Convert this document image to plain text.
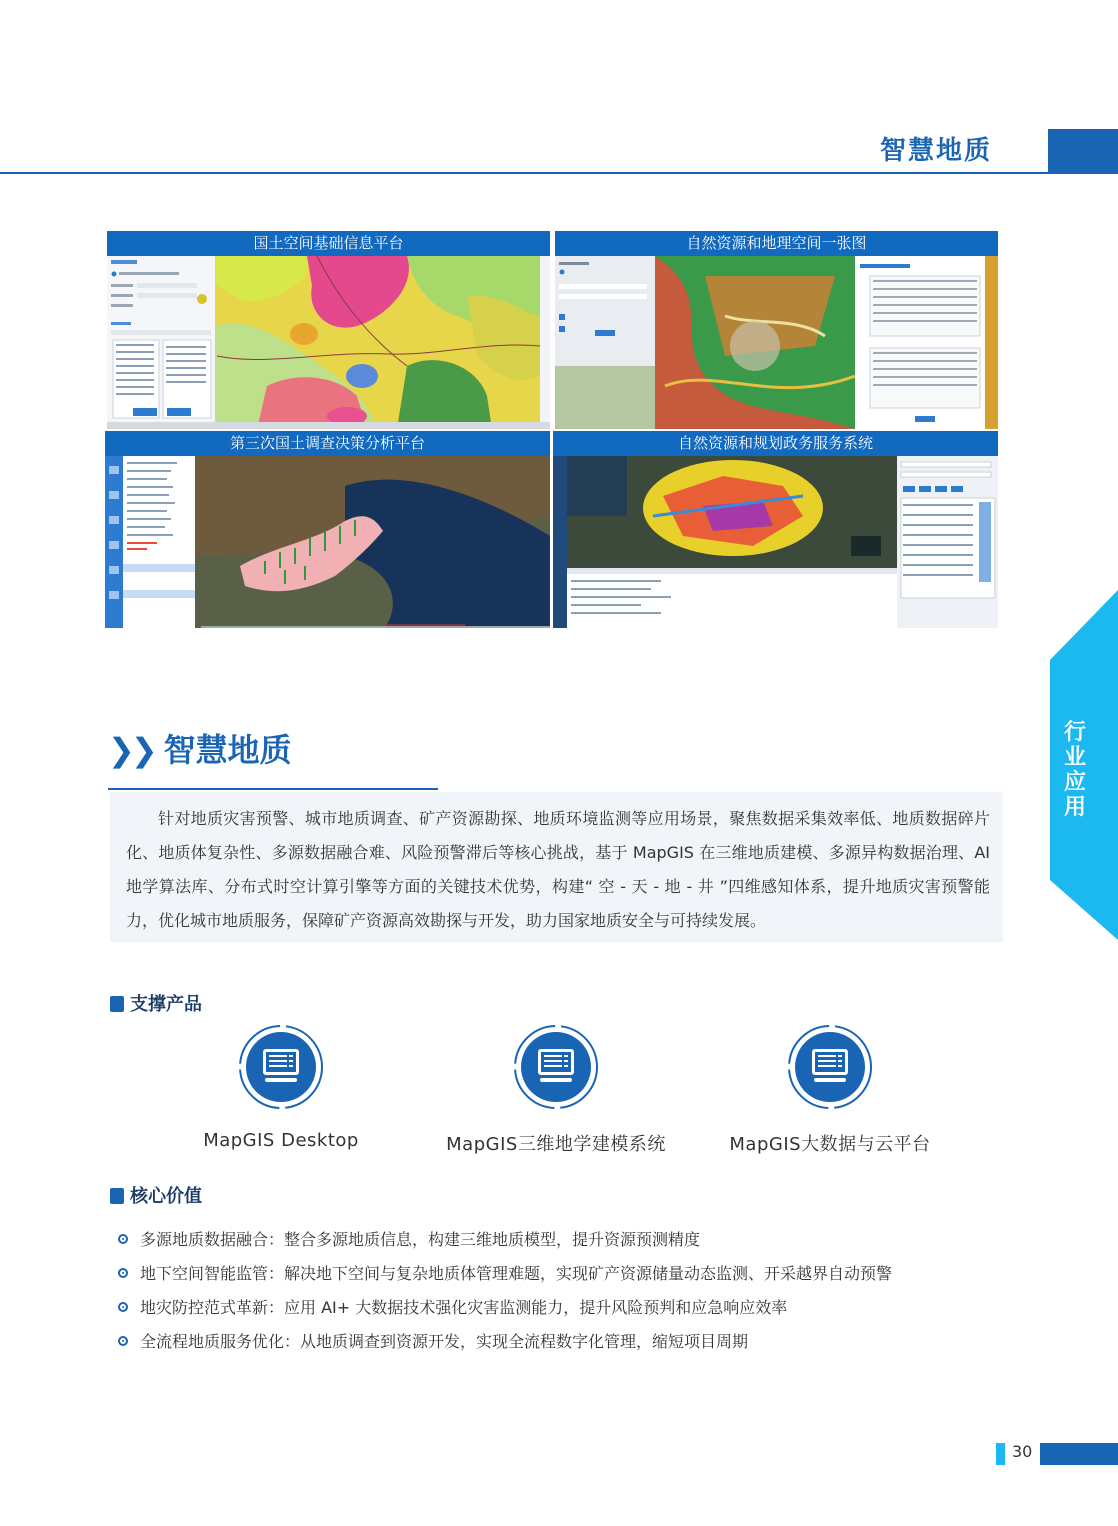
智慧地质
国土空间基础信息平台	自然资源和地理空间一张图
第三次国土调查决策分析平台	自然资源和规划政务服务系统
行业应用
❯❯ 智慧地质
针对地质灾害预警、城市地质调查、矿产资源勘探、地质环境监测等应用场景，聚焦数据采集效率低、地质数据碎片化、地质体复杂性、多源数据融合难、风险预警滞后等核心挑战，基于 MapGIS 在三维地质建模、多源异构数据治理、AI 地学算法库、分布式时空计算引擎等方面的关键技术优势，构建“ 空 - 天 - 地 - 井 ”四维感知体系，提升地质灾害预警能力，优化城市地质服务，保障矿产资源高效勘探与开发，助力国家地质安全与可持续发展。
支撑产品
MapGIS Desktop	MapGIS三维地学建模系统	MapGIS大数据与云平台
核心价值
多源地质数据融合：整合多源地质信息，构建三维地质模型，提升资源预测精度
地下空间智能监管：解决地下空间与复杂地质体管理难题，实现矿产资源储量动态监测、开采越界自动预警
地灾防控范式革新：应用 AI+ 大数据技术强化灾害监测能力，提升风险预判和应急响应效率
全流程地质服务优化：从地质调查到资源开发，实现全流程数字化管理，缩短项目周期
30
